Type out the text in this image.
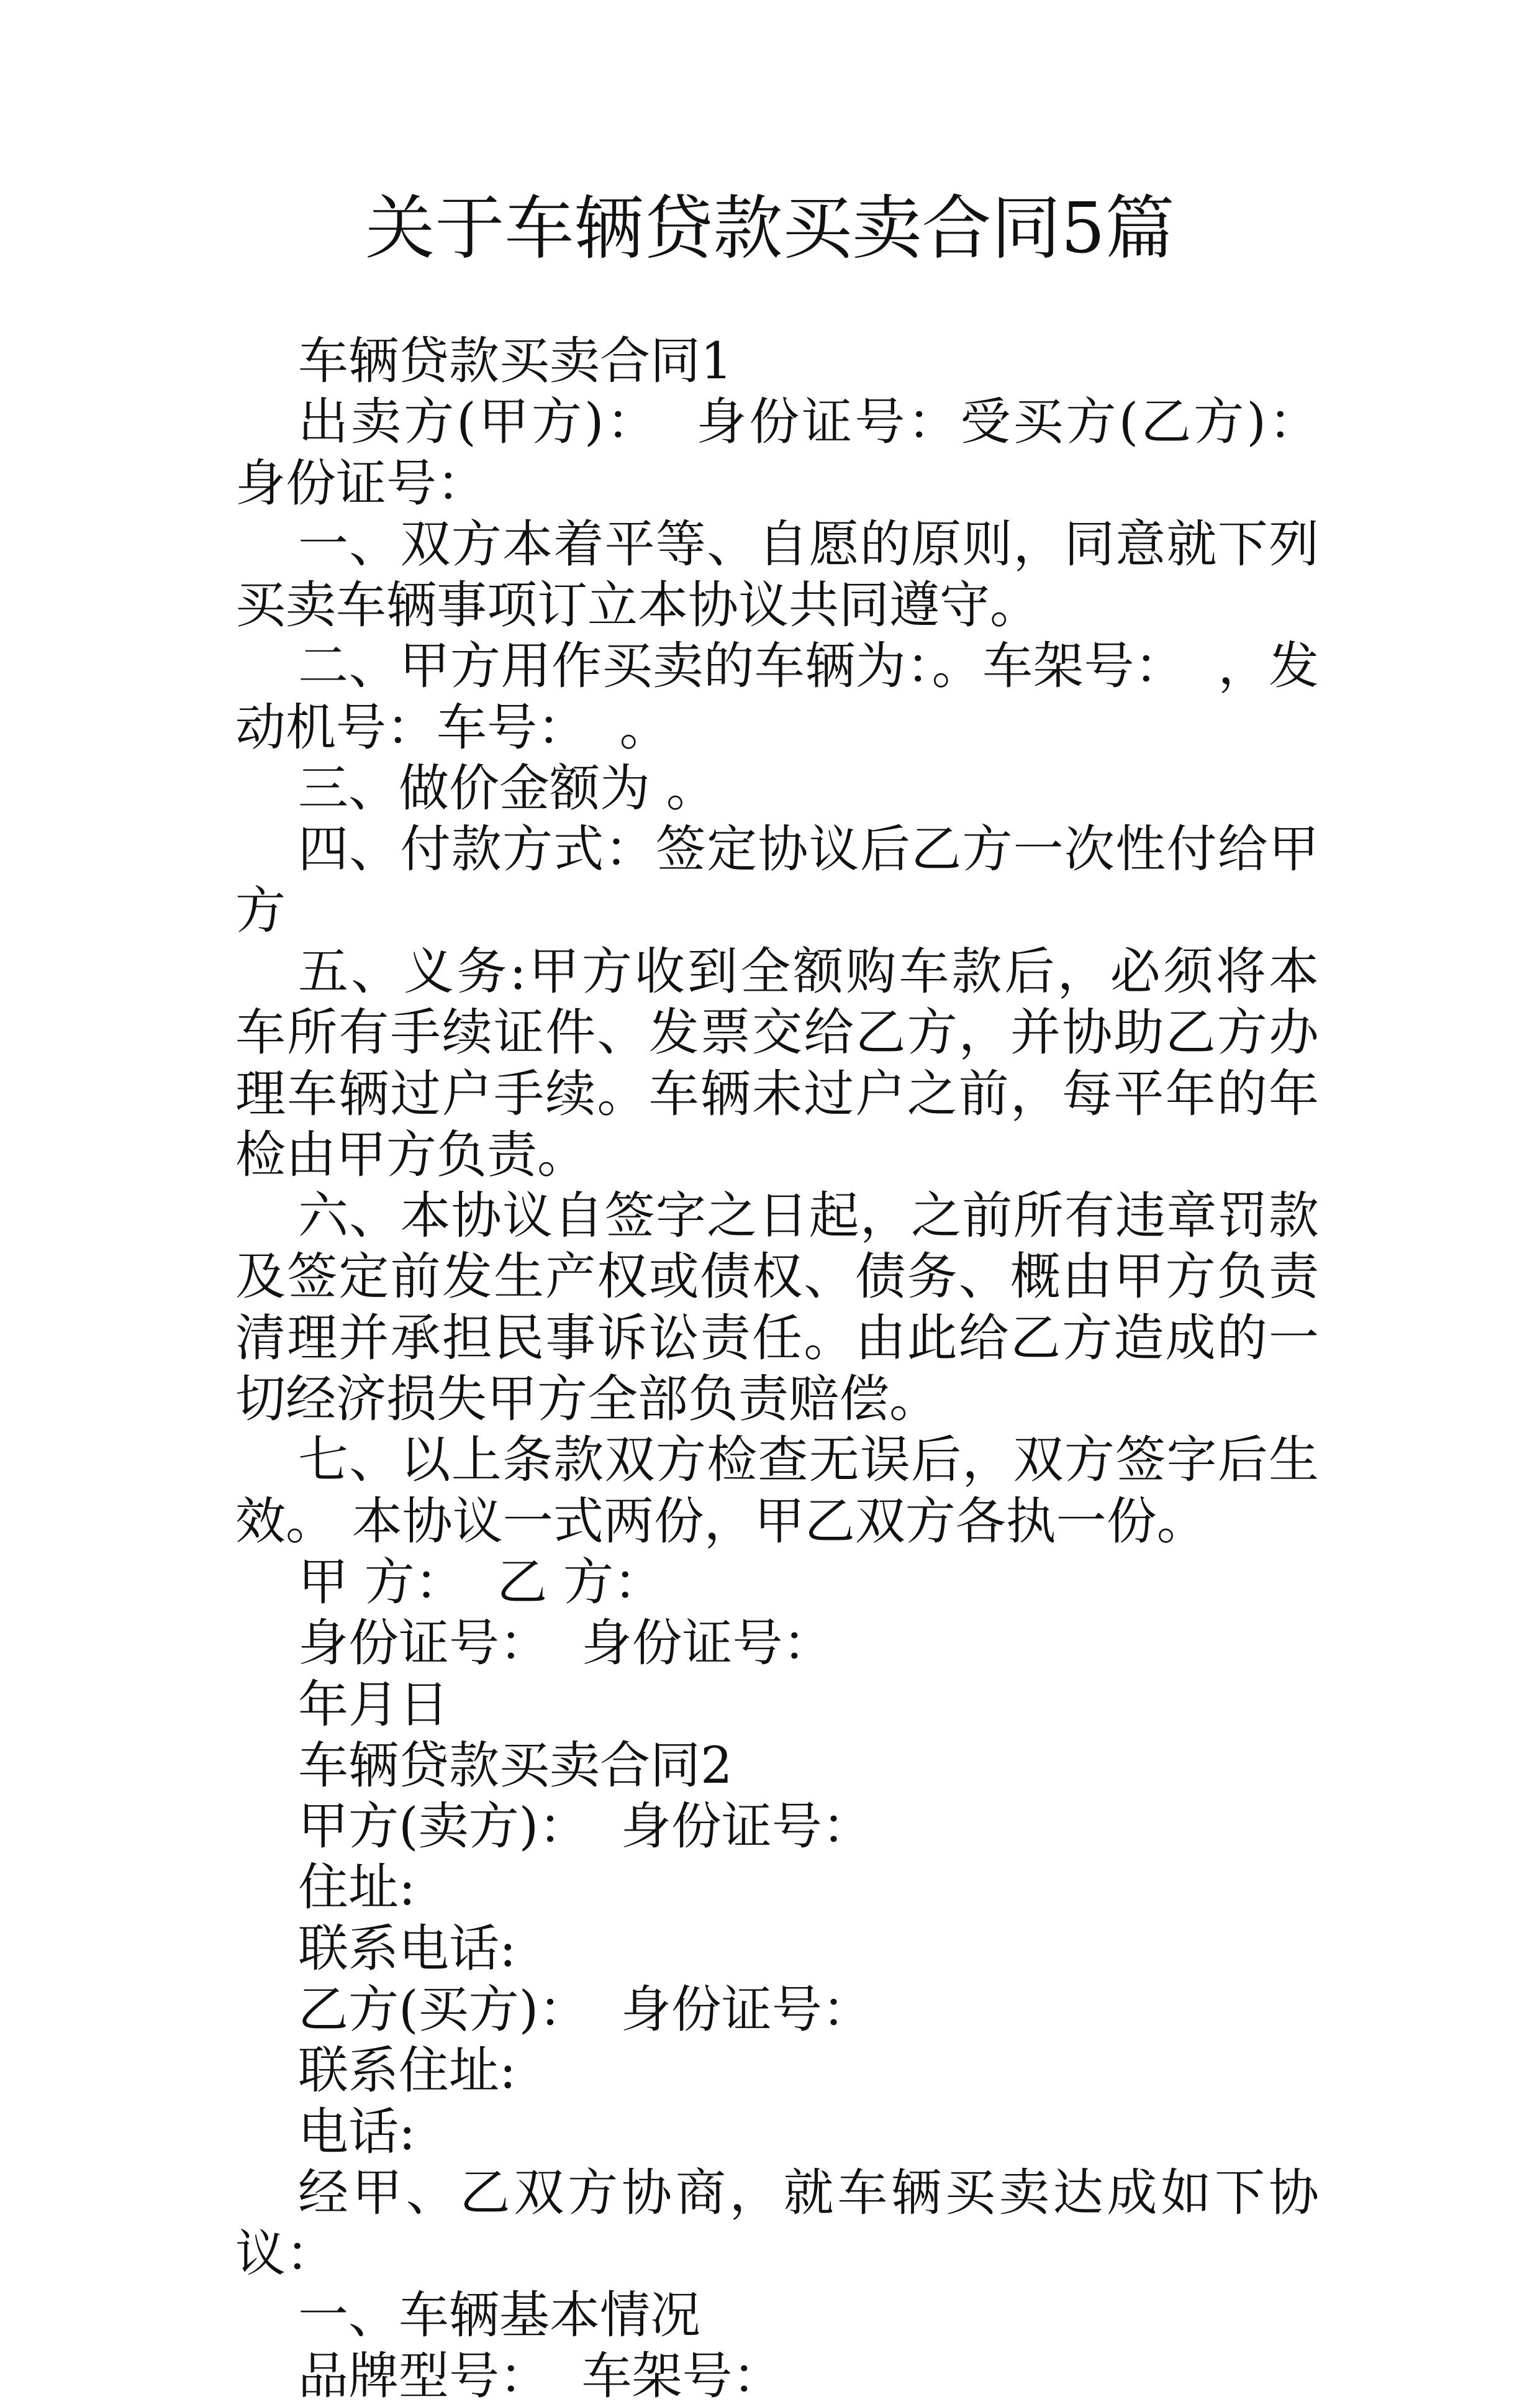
关于车辆贷款买卖合同5篇

车辆贷款买卖合同1

出卖方(甲方)：  身份证号：受买方(乙方)：  身份证号：

一、双方本着平等、自愿的原则，同意就下列买卖车辆事项订立本协议共同遵守。

二、甲方用作买卖的车辆为：。车架号：  ，发动机号：车号：  。

三、做价金额为 。

四、付款方式：签定协议后乙方一次性付给甲方

五、义务:甲方收到全额购车款后，必须将本车所有手续证件、发票交给乙方，并协助乙方办理车辆过户手续。车辆未过户之前，每平年的年检由甲方负责。

六、本协议自签字之日起，之前所有违章罚款及签定前发生产权或债权、债务、概由甲方负责清理并承担民事诉讼责任。由此给乙方造成的一切经济损失甲方全部负责赔偿。

七、以上条款双方检查无误后，双方签字后生效。 本协议一式两份，甲乙双方各执一份。

甲 方：  乙 方：

身份证号：  身份证号：

年月日

车辆贷款买卖合同2

甲方(卖方)：  身份证号：

住址:

联系电话:

乙方(买方)：  身份证号：

联系住址:

电话:

经甲、乙双方协商，就车辆买卖达成如下协议：

一、车辆基本情况

品牌型号：  车架号：
